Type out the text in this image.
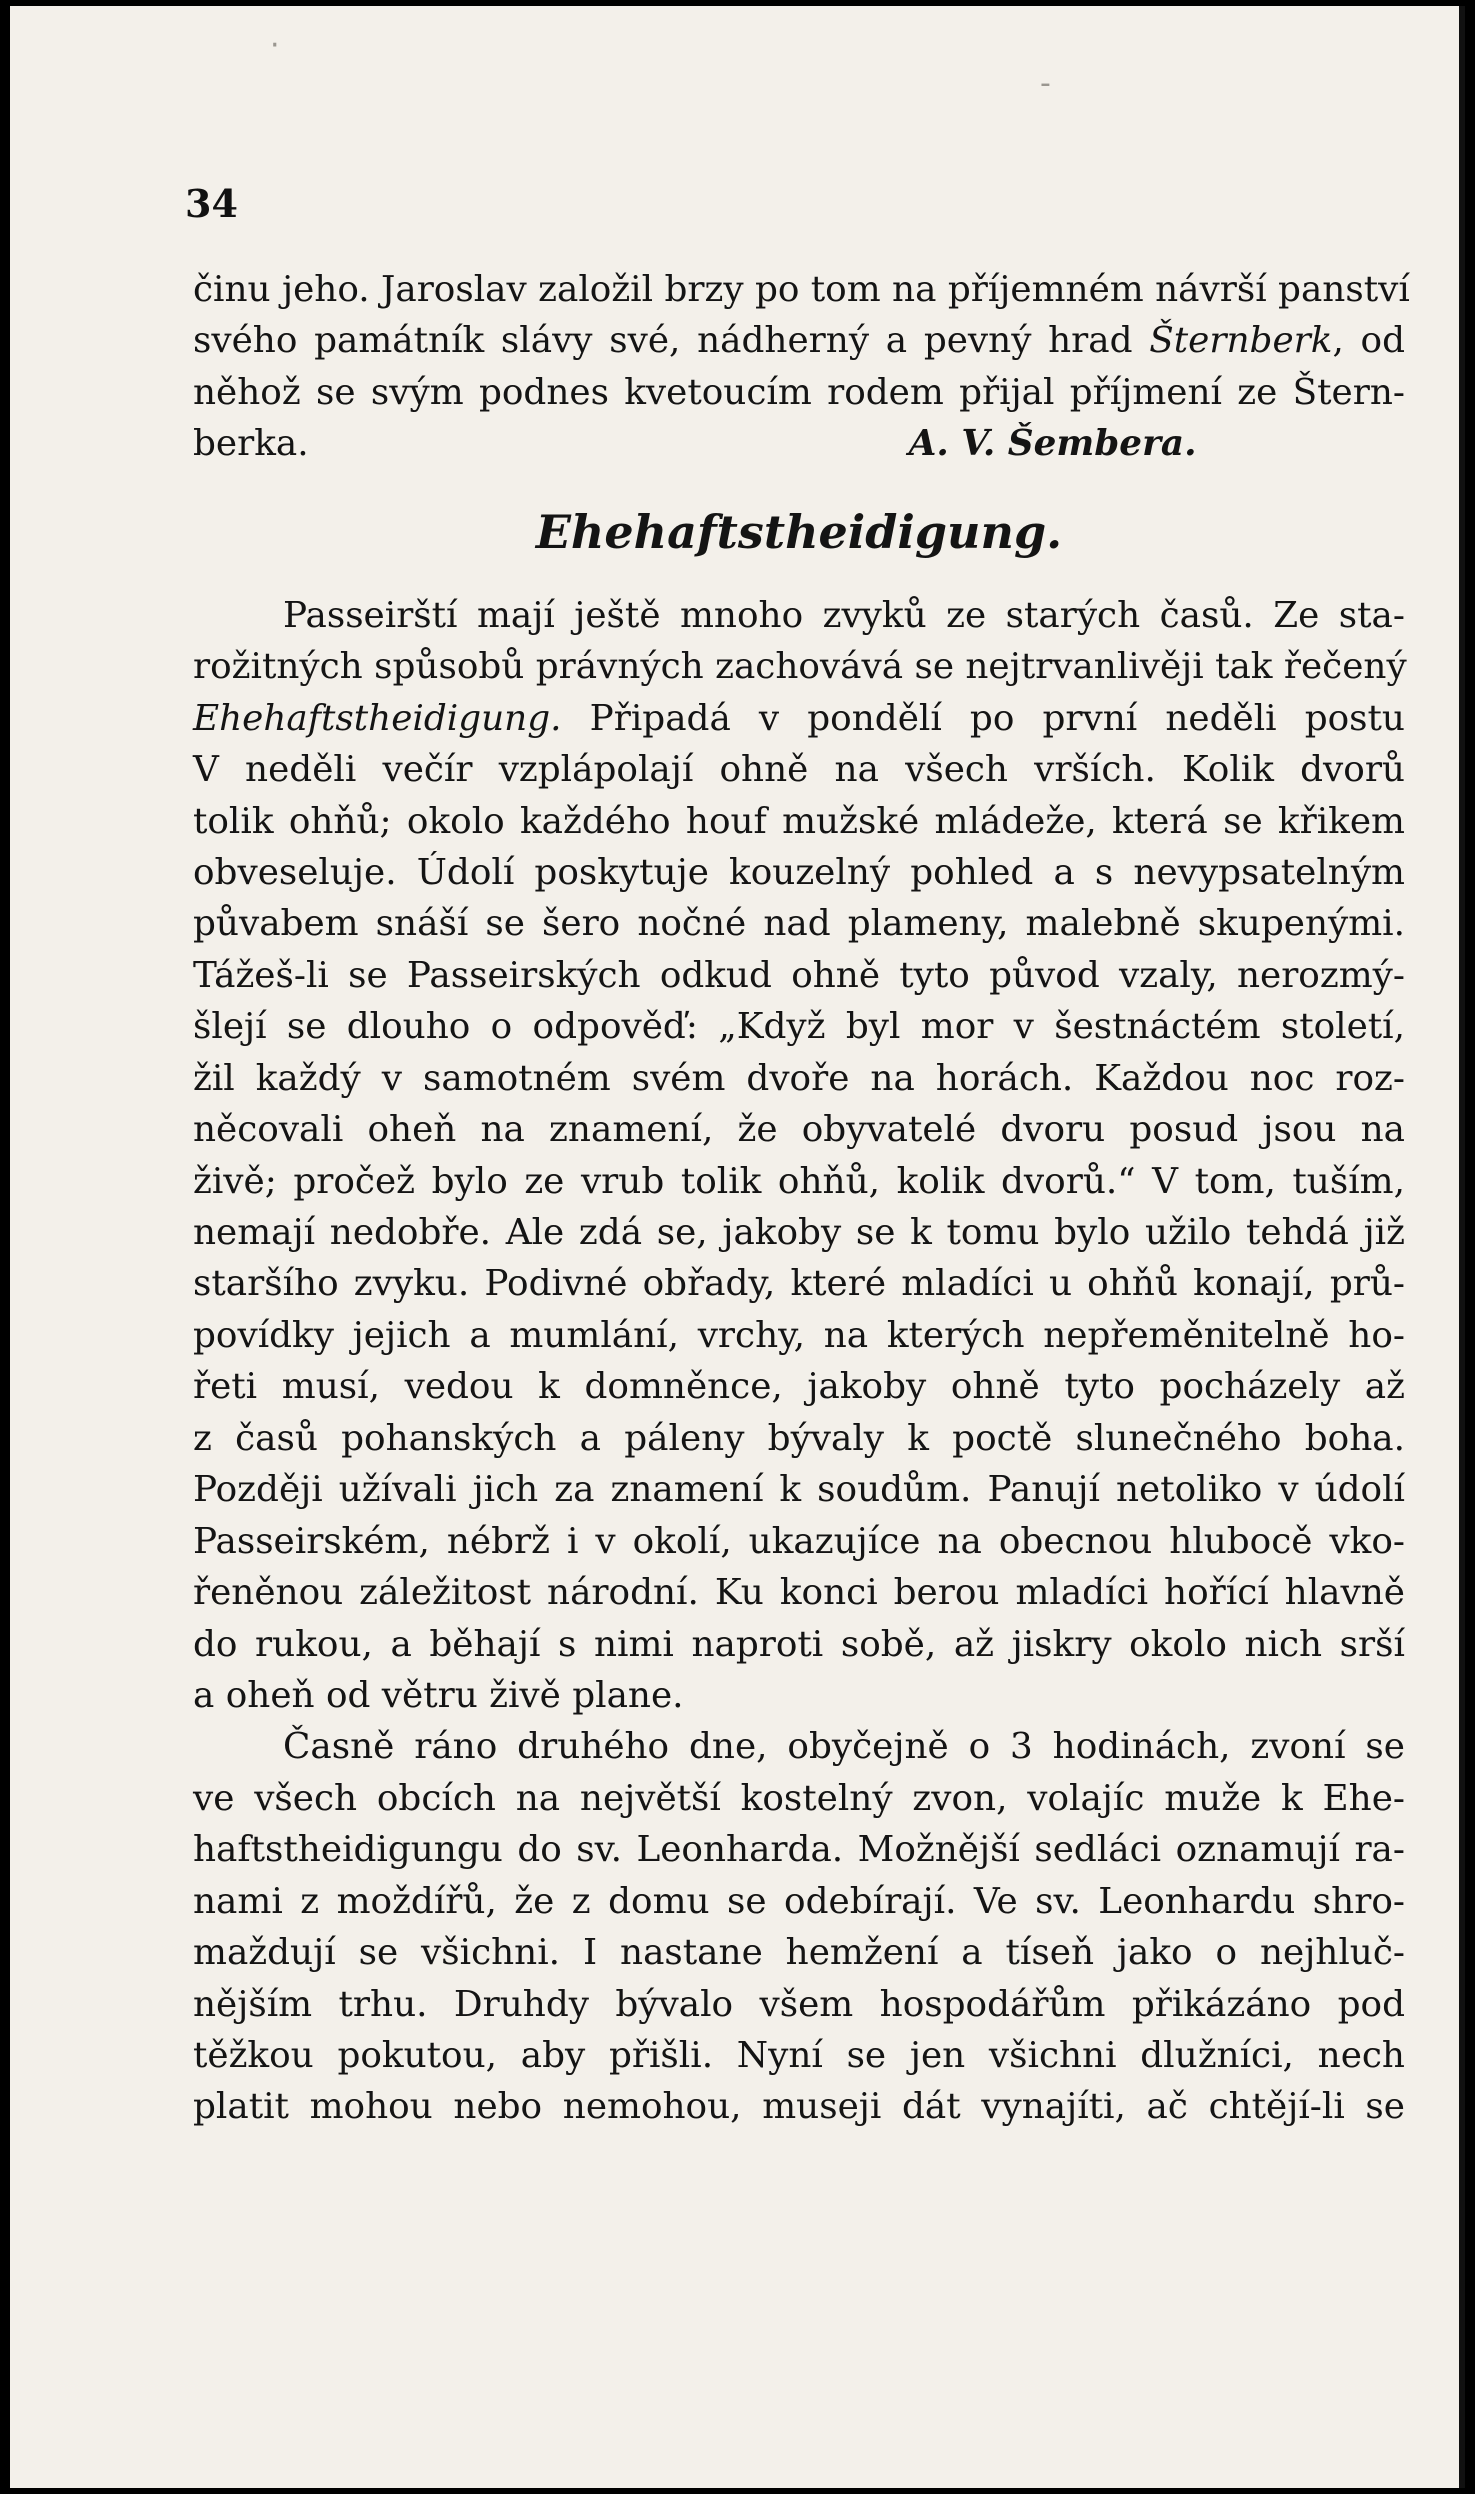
·
-
34
činu jeho. Jaroslav založil brzy po tom na příjemném návrší panství
svého památník slávy své, nádherný a pevný hrad Šternberk, od
něhož se svým podnes kvetoucím rodem přijal příjmení ze Štern-
berka.	A. V. Šembera.
Ehehaftstheidigung.
Passeirští mají ještě mnoho zvyků ze starých časů. Ze sta-
rožitných spůsobů právných zachovává se nejtrvanlivěji tak řečený
Ehehaftstheidigung. Připadá v pondělí po první neděli postu
V neděli večír vzplápolají ohně na všech vrších. Kolik dvorů
tolik ohňů; okolo každého houf mužské mládeže, která se křikem
obveseluje. Údolí poskytuje kouzelný pohled a s nevypsatelným
půvabem snáší se šero nočné nad plameny, malebně skupenými.
Tážeš-li se Passeirských odkud ohně tyto původ vzaly, nerozmý-
šlejí se dlouho o odpověď: „Když byl mor v šestnáctém století,
žil každý v samotném svém dvoře na horách. Každou noc roz-
něcovali oheň na znamení, že obyvatelé dvoru posud jsou na
živě; pročež bylo ze vrub tolik ohňů, kolik dvorů.“ V tom, tuším,
nemají nedobře. Ale zdá se, jakoby se k tomu bylo užilo tehdá již
staršího zvyku. Podivné obřady, které mladíci u ohňů konají, prů-
povídky jejich a mumlání, vrchy, na kterých nepřeměnitelně ho-
řeti musí, vedou k domněnce, jakoby ohně tyto pocházely až
z časů pohanských a páleny bývaly k poctě slunečného boha.
Později užívali jich za znamení k soudům. Panují netoliko v údolí
Passeirském, nébrž i v okolí, ukazujíce na obecnou hlubocě vko-
řeněnou záležitost národní. Ku konci berou mladíci hořící hlavně
do rukou, a běhají s nimi naproti sobě, až jiskry okolo nich srší
a oheň od větru živě plane.
Časně ráno druhého dne, obyčejně o 3 hodinách, zvoní se
ve všech obcích na největší kostelný zvon, volajíc muže k Ehe-
haftstheidigungu do sv. Leonharda. Možnější sedláci oznamují ra-
nami z moždířů, že z domu se odebírají. Ve sv. Leonhardu shro-
maždují se všichni. I nastane hemžení a tíseň jako o nejhluč-
nějším trhu. Druhdy bývalo všem hospodářům přikázáno pod
těžkou pokutou, aby přišli. Nyní se jen všichni dlužníci, nech
platit mohou nebo nemohou, museji dát vynajíti, ač chtějí-li se
